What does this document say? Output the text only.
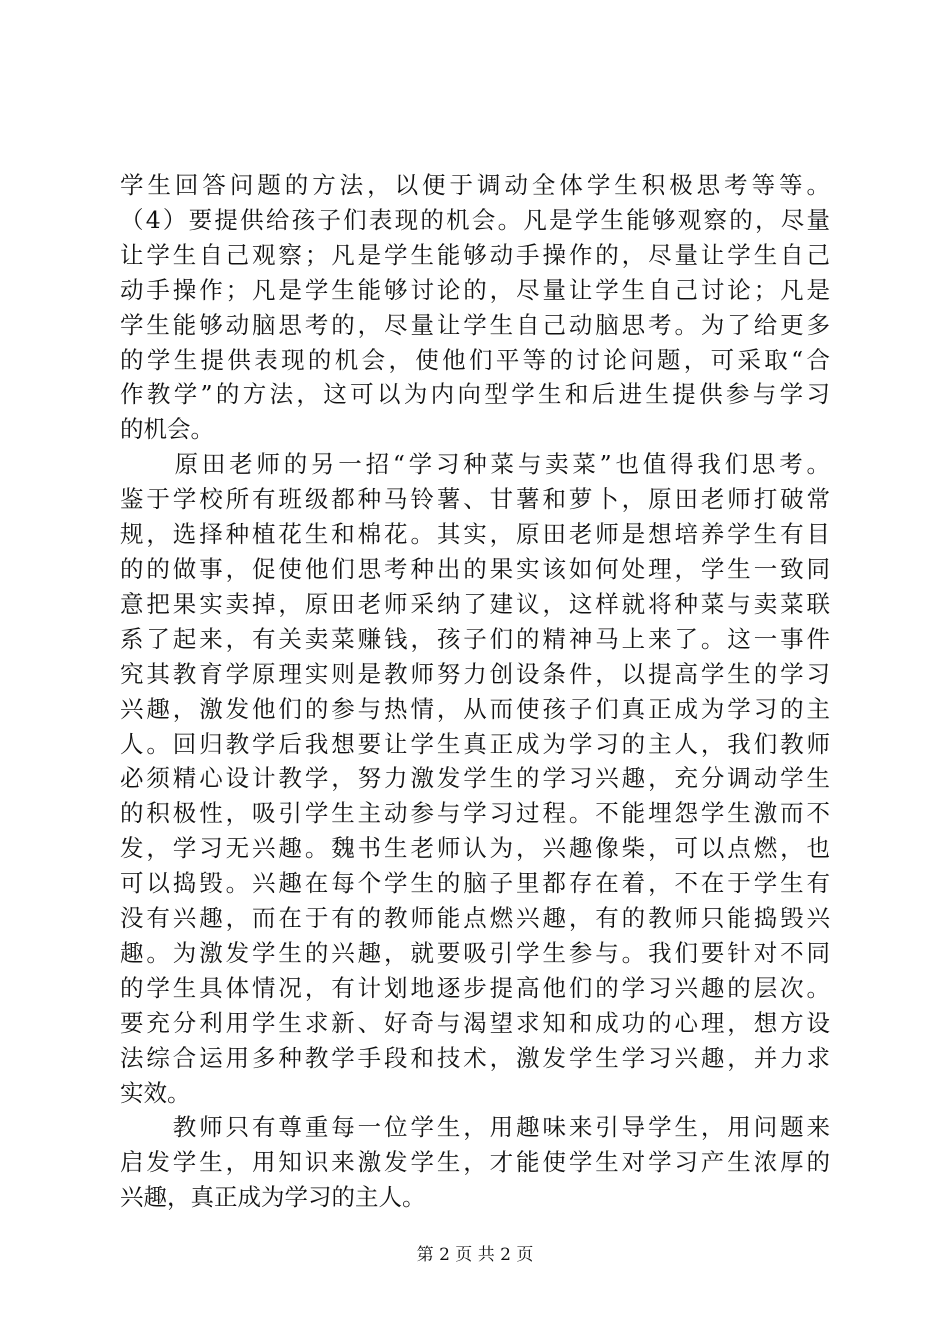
学生回答问题的方法，以便于调动全体学生积极思考等等。
（4）要提供给孩子们表现的机会。凡是学生能够观察的，尽量
让学生自己观察；凡是学生能够动手操作的，尽量让学生自己
动手操作；凡是学生能够讨论的，尽量让学生自己讨论；凡是
学生能够动脑思考的，尽量让学生自己动脑思考。为了给更多
的学生提供表现的机会，使他们平等的讨论问题，可采取“合
作教学”的方法，这可以为内向型学生和后进生提供参与学习
的机会。
　　原田老师的另一招“学习种菜与卖菜”也值得我们思考。
鉴于学校所有班级都种马铃薯、甘薯和萝卜，原田老师打破常
规，选择种植花生和棉花。其实，原田老师是想培养学生有目
的的做事，促使他们思考种出的果实该如何处理，学生一致同
意把果实卖掉，原田老师采纳了建议，这样就将种菜与卖菜联
系了起来，有关卖菜赚钱，孩子们的精神马上来了。这一事件
究其教育学原理实则是教师努力创设条件，以提高学生的学习
兴趣，激发他们的参与热情，从而使孩子们真正成为学习的主
人。回归教学后我想要让学生真正成为学习的主人，我们教师
必须精心设计教学，努力激发学生的学习兴趣，充分调动学生
的积极性，吸引学生主动参与学习过程。不能埋怨学生激而不
发，学习无兴趣。魏书生老师认为，兴趣像柴，可以点燃，也
可以捣毁。兴趣在每个学生的脑子里都存在着，不在于学生有
没有兴趣，而在于有的教师能点燃兴趣，有的教师只能捣毁兴
趣。为激发学生的兴趣，就要吸引学生参与。我们要针对不同
的学生具体情况，有计划地逐步提高他们的学习兴趣的层次。
要充分利用学生求新、好奇与渴望求知和成功的心理，想方设
法综合运用多种教学手段和技术，激发学生学习兴趣，并力求
实效。
　　教师只有尊重每一位学生，用趣味来引导学生，用问题来
启发学生，用知识来激发学生，才能使学生对学习产生浓厚的
兴趣，真正成为学习的主人。
第 2 页 共 2 页
